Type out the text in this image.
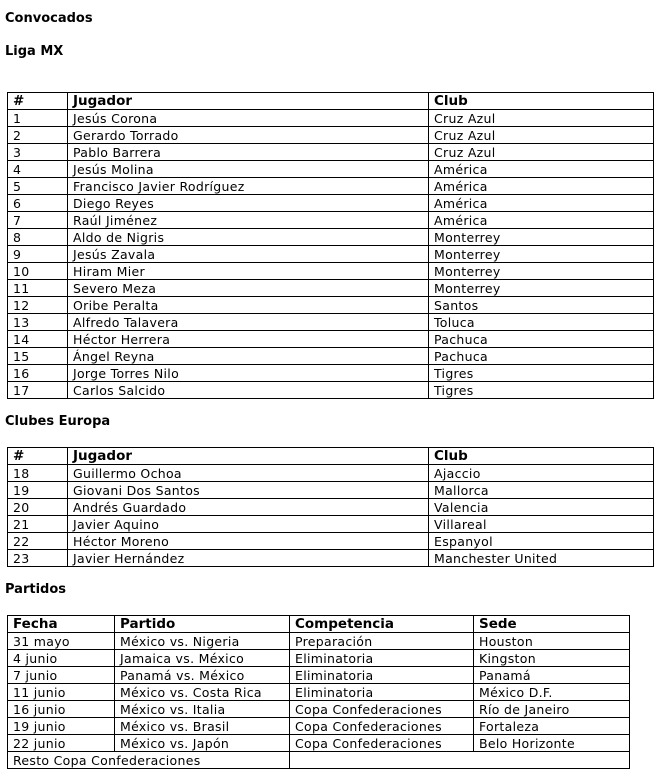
Convocados
Liga MX
#	Jugador	Club
1	Jesús Corona	Cruz Azul
2	Gerardo Torrado	Cruz Azul
3	Pablo Barrera	Cruz Azul
4	Jesús Molina	América
5	Francisco Javier Rodríguez	América
6	Diego Reyes	América
7	Raúl Jiménez	América
8	Aldo de Nigris	Monterrey
9	Jesús Zavala	Monterrey
10	Hiram Mier	Monterrey
11	Severo Meza	Monterrey
12	Oribe Peralta	Santos
13	Alfredo Talavera	Toluca
14	Héctor Herrera	Pachuca
15	Ángel Reyna	Pachuca
16	Jorge Torres Nilo	Tigres
17	Carlos Salcido	Tigres
Clubes Europa
#	Jugador	Club
18	Guillermo Ochoa	Ajaccio
19	Giovani Dos Santos	Mallorca
20	Andrés Guardado	Valencia
21	Javier Aquino	Villareal
22	Héctor Moreno	Espanyol
23	Javier Hernández	Manchester United
Partidos
Fecha	Partido	Competencia	Sede
31 mayo	México vs. Nigeria	Preparación	Houston
4 junio	Jamaica vs. México	Eliminatoria	Kingston
7 junio	Panamá vs. México	Eliminatoria	Panamá
11 junio	México vs. Costa Rica	Eliminatoria	México D.F.
16 junio	México vs. Italia	Copa Confederaciones	Río de Janeiro
19 junio	México vs. Brasil	Copa Confederaciones	Fortaleza
22 junio	México vs. Japón	Copa Confederaciones	Belo Horizonte
Resto Copa Confederaciones			
